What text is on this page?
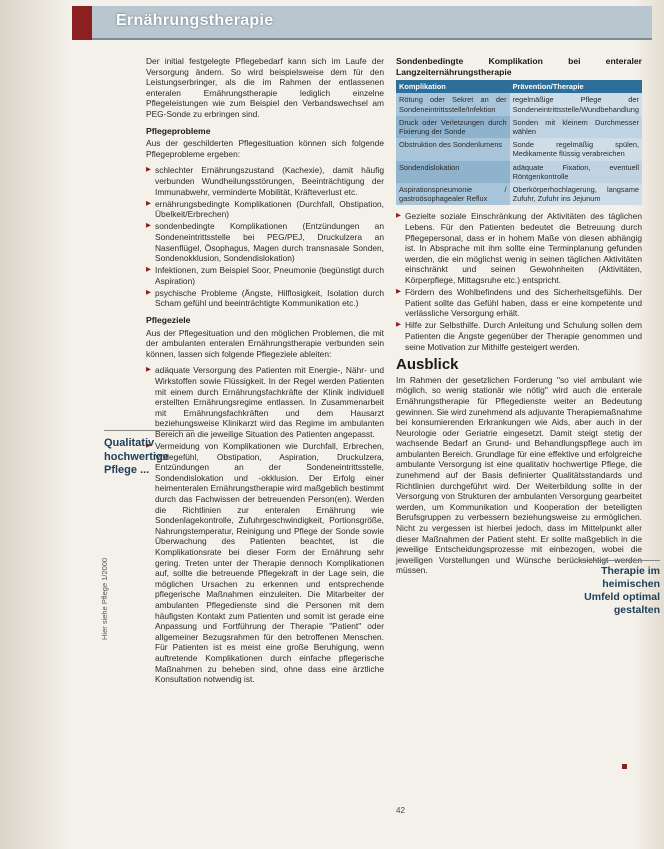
Ernährungstherapie

Der initial festgelegte Pflegebedarf kann sich im Laufe der Versorgung ändern. So wird beispielsweise dem für den Leistungserbringer, als die im Rahmen der entlassenen enteralen Ernährungstherapie lediglich einzelne Pflegeleistungen wie zum Beispiel den Verbandswechsel am PEG-Sonde zu erbringen sind.

Pflegeprobleme

Aus der geschilderten Pflegesituation können sich folgende Pflegeprobleme ergeben:

▶ schlechter Ernährungszustand (Kachexie), damit häufig verbunden Wundheilungsstörungen, Beeinträchtigung der Immunabwehr, verminderte Mobilität, Kräfteverlust etc.
▶ ernährungsbedingte Komplikationen (Durchfall, Obstipation, Übelkeit/Erbrechen)
▶ sondenbedingte Komplikationen (Entzündungen an Sondeneintrittsstelle bei PEG/PEJ, Druckulzera an Nasenflügel, Ösophagus, Magen durch transnasale Sonden, Sondenokklusion, Sondendislokation)
▶ Infektionen, zum Beispiel Soor, Pneumonie (begünstigt durch Aspiration)
▶ psychische Probleme (Ängste, Hilflosigkeit, Isolation durch Scham gefühl und beeinträchtigte Kommunikation etc.)
Pflegeziele

Aus der Pflegesituation und den möglichen Problemen, die mit der ambulanten enteralen Ernährungstherapie verbunden sein können, lassen sich folgende Pflegeziele ableiten:

▶ adäquate Versorgung des Patienten mit Energie-, Nähr- und Wirkstoffen sowie Flüssigkeit. In der Regel werden Patienten mit einem durch Ernährungsfachkräfte der Klinik individuell erstellten Ernährungsregime entlassen. In Zusammenarbeit mit Ernährungsfachkräften und dem Hausarzt beziehungsweise Klinikarzt wird das Regime im ambulanten Bereich an die jeweilige Situation des Patienten angepasst.
▶ Vermeidung von Komplikationen wie Durchfall, Erbrechen, Völlegefühl, Obstipation, Aspiration, Druckulzera, Entzündungen an der Sondeneintrittsstelle, Sondendislokation und -okklusion. Der Erfolg einer heimenteralen Ernährungstherapie wird maßgeblich bestimmt durch das Fachwissen der betreuenden Person(en). Werden die Richtlinien zur enteralen Ernährung wie Sondenlagekontrolle, Zufuhrgeschwindigkeit, Portionsgröße, Nahrungstemperatur, Reinigung und Pflege der Sonde sowie Überwachung des Patienten beachtet, ist die Komplikationsrate bei dieser Form der Ernährung sehr gering. Treten unter der Therapie dennoch Komplikationen auf, sollte die betreuende Pflegekraft in der Lage sein, die möglichen Ursachen zu erkennen und entsprechende pflegerische Maßnahmen einzuleiten. Die Mitarbeiter der ambulanten Pflegedienste sind die Personen mit dem häufigsten Kontakt zum Patienten und somit ist gerade eine Anpassung und Fortführung der Therapie "Patient" oder allgemeiner Bezugsrahmen für den betroffenen Menschen. Für Patienten ist es meist eine große Beruhigung, wenn auftretende Komplikationen durch einfache pflegerische Maßnahmen zu beheben sind, ohne dass eine ärztliche Konsultation notwendig ist.
Qualitativ hochwertige Pflege ...
Sondenbedingte Komplikation bei enteraler Langzeiternährungstherapie
Komplikation	Prävention/Therapie
Rötung oder Sekret an der Sondeneintrittsstelle/Infektion	regelmäßige Pflege der Sondeneintrittsstelle/Wundbehandlung
Druck oder Verletzungen durch Fixierung der Sonde	Sonden mit kleinem Durchmesser wählen
Obstruktion des Sondenlumens	Sonde regelmäßig spülen, Medikamente flüssig verabreichen
Sondendislokation	adäquate Fixation, eventuell Röntgenkontrolle
Aspirationspneumonie / gastroösophagealer Reflux	Oberkörperhochlagerung, langsame Zufuhr, Zufuhr ins Jejunum
▶ Gezielte soziale Einschränkung der Aktivitäten des täglichen Lebens. Für den Patienten bedeutet die Betreuung durch Pflegepersonal, dass er in hohem Maße von diesen abhängig ist. In Absprache mit ihm sollte eine Terminplanung gefunden werden, die ein möglichst wenig in seinen täglichen Aktivitäten einschränkt und seinen Gewohnheiten (Aktivitäten, Körperpflege, Mittagsruhe etc.) entspricht.
▶ Fördern des Wohlbefindens und des Sicherheitsgefühls. Der Patient sollte das Gefühl haben, dass er eine kompetente und verlässliche Versorgung erhält.
▶ Hilfe zur Selbsthilfe. Durch Anleitung und Schulung sollen dem Patienten die Ängste gegenüber der Therapie genommen und seine Motivation zur Mithilfe gesteigert werden.
Ausblick

Im Rahmen der gesetzlichen Forderung "so viel ambulant wie möglich, so wenig stationär wie nötig" wird auch die enterale Ernährungstherapie für Pflegedienste weiter an Bedeutung gewinnen. Sie wird zunehmend als adjuvante Therapiemaßnahme bei konsumierenden Erkrankungen wie Aids, aber auch in der Neurologie oder Geriatrie eingesetzt. Damit steigt stetig der wachsende Bedarf an Grund- und Behandlungspflege auch im ambulanten Bereich. Grundlage für eine effektive und erfolgreiche ambulante Versorgung ist eine qualitativ hochwertige Pflege, die zunehmend auf der Basis definierter Qualitätsstandards und Richtlinien durchgeführt wird. Der Weiterbildung sollte in der Versorgung von Strukturen der ambulanten Versorgung gearbeitet werden, um Kommunikation und Kooperation der beteiligten Berufsgruppen zu verbessern beziehungsweise zu ermöglichen. Nicht zu vergessen ist hierbei jedoch, dass im Mittelpunkt aller dieser Maßnahmen der Patient steht. Er sollte maßgeblich in die jeweilige Entscheidungsprozesse mit einbezogen, wobei die jeweiligen Vorstellungen und Wünsche berücksichtigt werden müssen.	Therapie im heimischen Umfeld optimal gestalten
Hier siehe Pflege 1/2000
42
